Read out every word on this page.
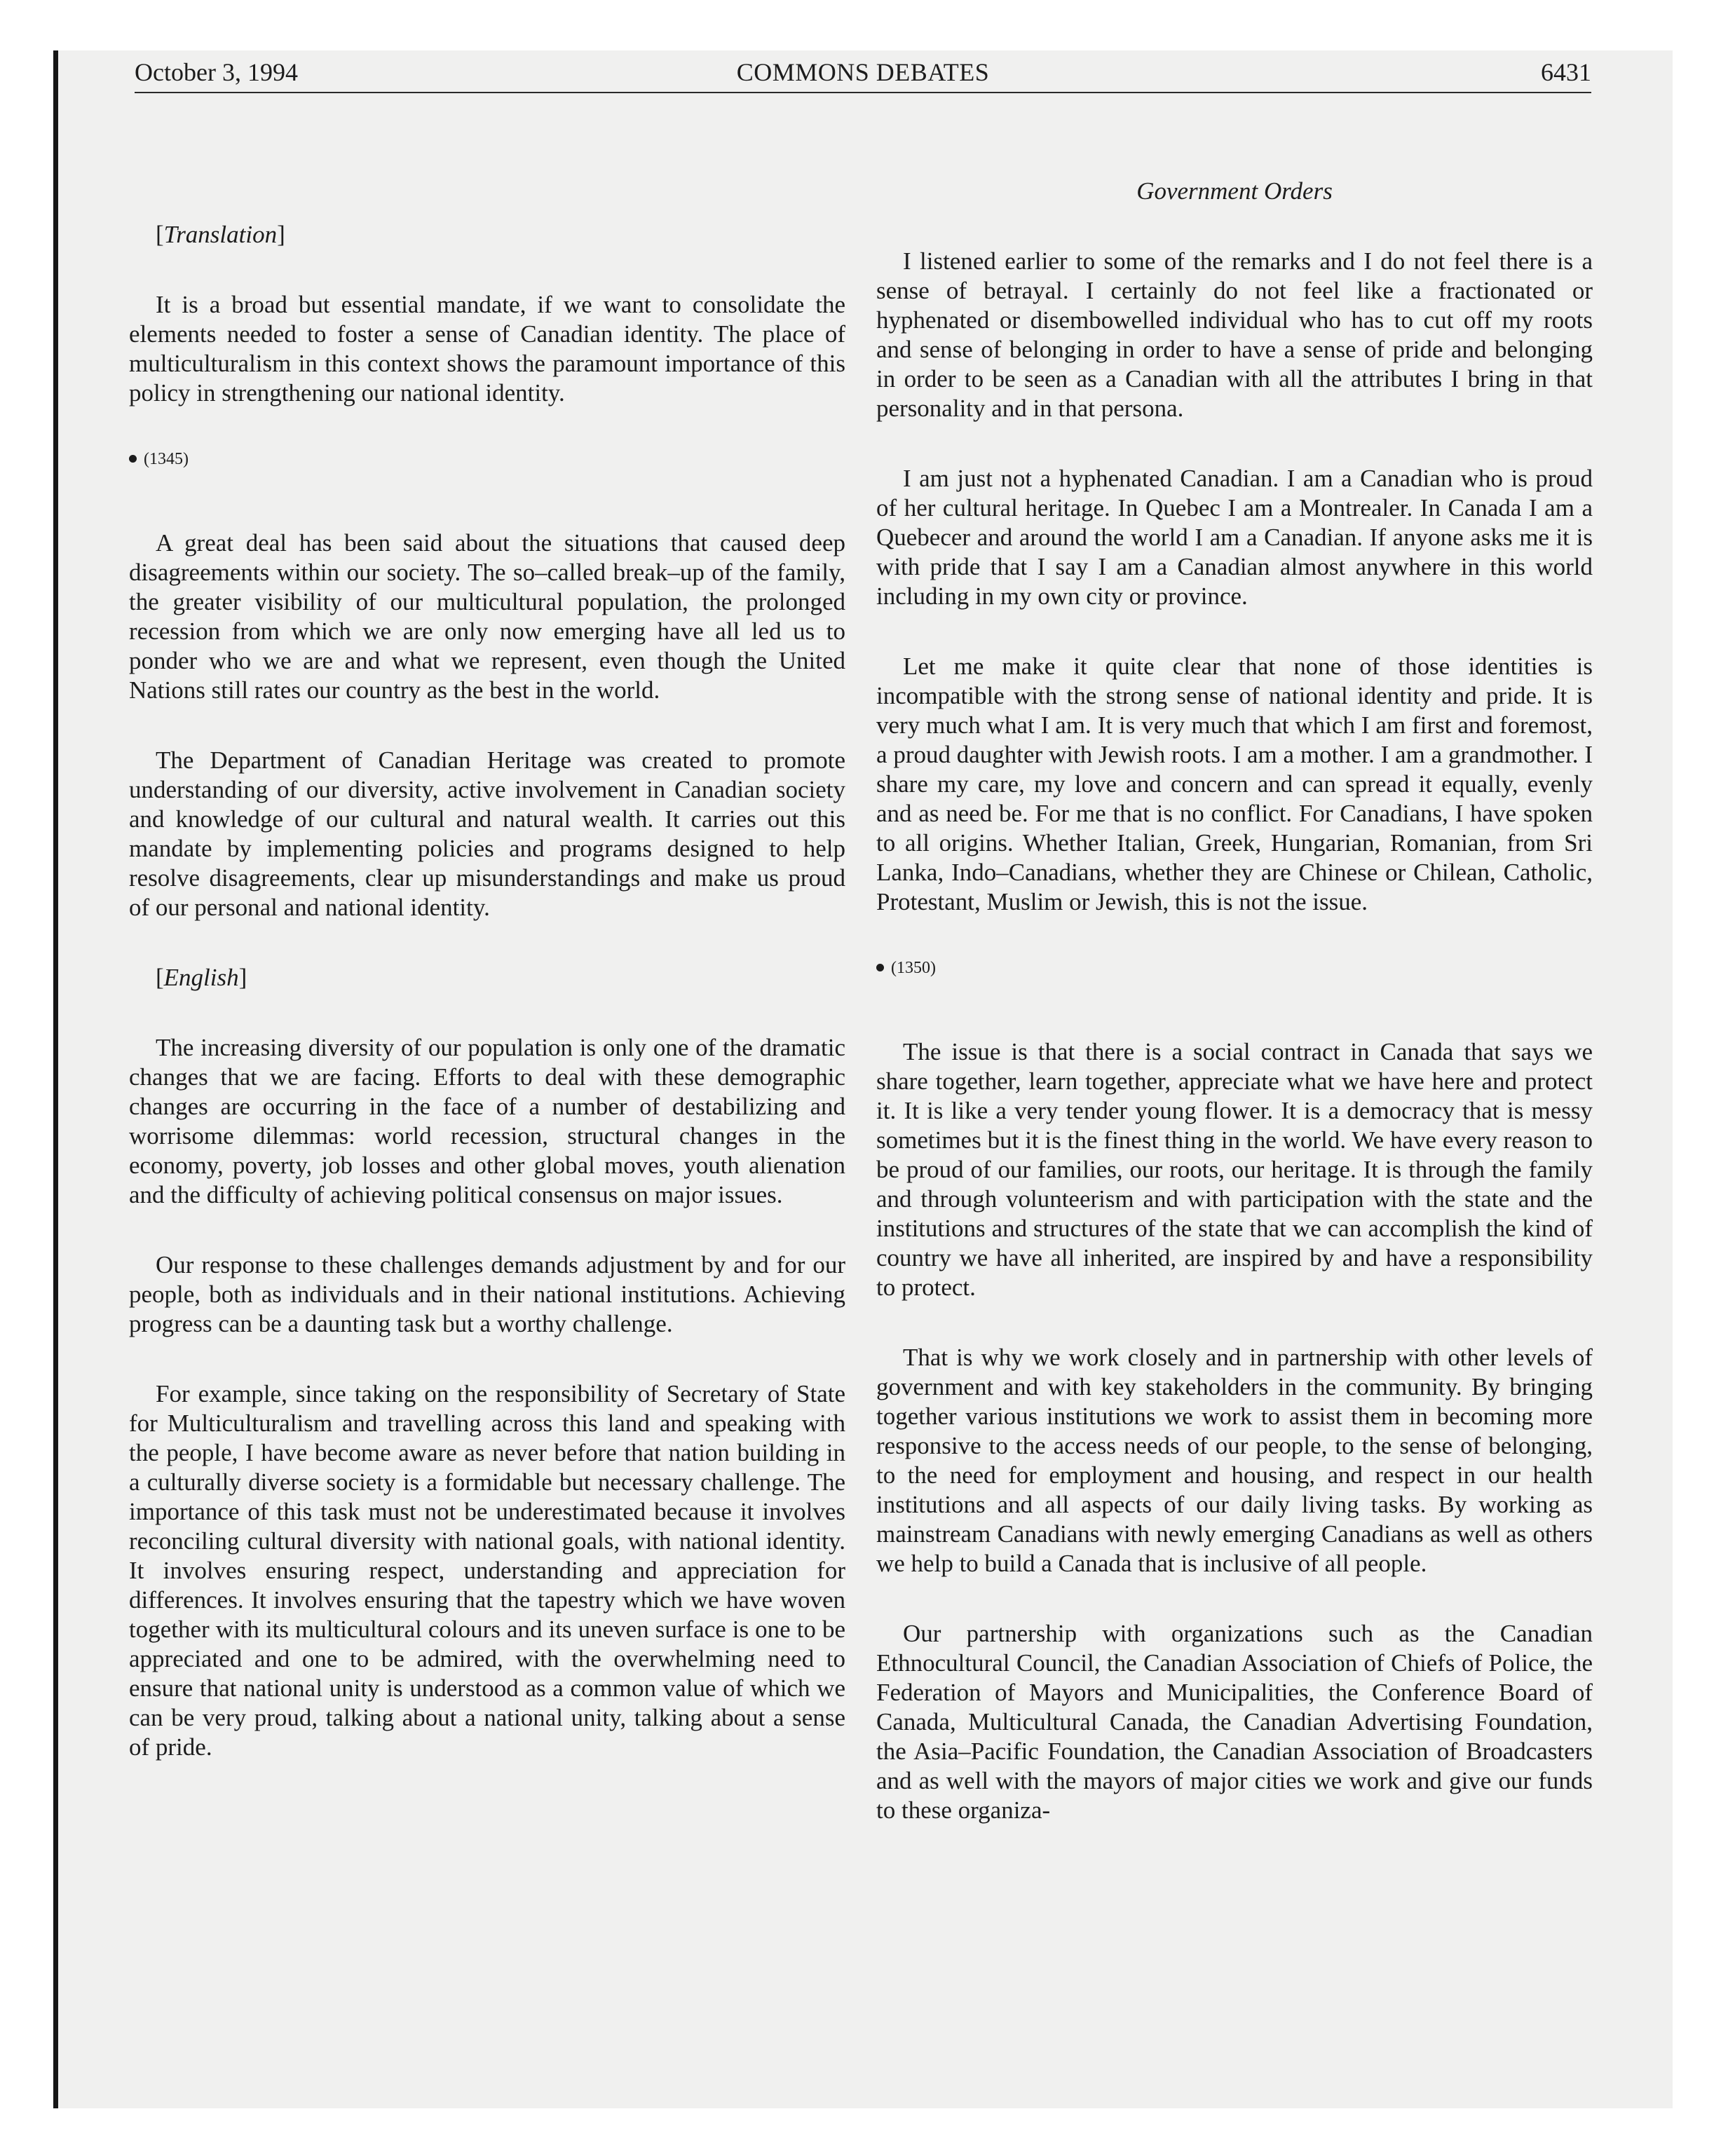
October 3, 1994	COMMONS DEBATES	6431

[Translation]

It is a broad but essential mandate, if we want to consolidate the elements needed to foster a sense of Canadian identity. The place of multiculturalism in this context shows the paramount importance of this policy in strengthening our national identity.

(1345)

A great deal has been said about the situations that caused deep disagreements within our society. The so–called break–up of the family, the greater visibility of our multicultural population, the prolonged recession from which we are only now emerging have all led us to ponder who we are and what we represent, even though the United Nations still rates our country as the best in the world.

The Department of Canadian Heritage was created to promote understanding of our diversity, active involvement in Canadian society and knowledge of our cultural and natural wealth. It carries out this mandate by implementing policies and programs designed to help resolve disagreements, clear up misunderstandings and make us proud of our personal and national identity.

[English]

The increasing diversity of our population is only one of the dramatic changes that we are facing. Efforts to deal with these demographic changes are occurring in the face of a number of destabilizing and worrisome dilemmas: world recession, structural changes in the economy, poverty, job losses and other global moves, youth alienation and the difficulty of achieving political consensus on major issues.

Our response to these challenges demands adjustment by and for our people, both as individuals and in their national institutions. Achieving progress can be a daunting task but a worthy challenge.

For example, since taking on the responsibility of Secretary of State for Multiculturalism and travelling across this land and speaking with the people, I have become aware as never before that nation building in a culturally diverse society is a formidable but necessary challenge. The importance of this task must not be underestimated because it involves reconciling cultural diversity with national goals, with national identity. It involves ensuring respect, understanding and appreciation for differences. It involves ensuring that the tapestry which we have woven together with its multicultural colours and its uneven surface is one to be appreciated and one to be admired, with the overwhelming need to ensure that national unity is understood as a common value of which we can be very proud, talking about a national unity, talking about a sense of pride.

Government Orders

I listened earlier to some of the remarks and I do not feel there is a sense of betrayal. I certainly do not feel like a fractionated or hyphenated or disembowelled individual who has to cut off my roots and sense of belonging in order to have a sense of pride and belonging in order to be seen as a Canadian with all the attributes I bring in that personality and in that persona.

I am just not a hyphenated Canadian. I am a Canadian who is proud of her cultural heritage. In Quebec I am a Montrealer. In Canada I am a Quebecer and around the world I am a Canadian. If anyone asks me it is with pride that I say I am a Canadian almost anywhere in this world including in my own city or province.

Let me make it quite clear that none of those identities is incompatible with the strong sense of national identity and pride. It is very much what I am. It is very much that which I am first and foremost, a proud daughter with Jewish roots. I am a mother. I am a grandmother. I share my care, my love and concern and can spread it equally, evenly and as need be. For me that is no conflict. For Canadians, I have spoken to all origins. Whether Italian, Greek, Hungarian, Romanian, from Sri Lanka, Indo–Canadians, whether they are Chinese or Chilean, Catholic, Protestant, Muslim or Jewish, this is not the issue.

(1350)

The issue is that there is a social contract in Canada that says we share together, learn together, appreciate what we have here and protect it. It is like a very tender young flower. It is a democracy that is messy sometimes but it is the finest thing in the world. We have every reason to be proud of our families, our roots, our heritage. It is through the family and through volunteerism and with participation with the state and the institutions and structures of the state that we can accomplish the kind of country we have all inherited, are inspired by and have a responsibility to protect.

That is why we work closely and in partnership with other levels of government and with key stakeholders in the community. By bringing together various institutions we work to assist them in becoming more responsive to the access needs of our people, to the sense of belonging, to the need for employment and housing, and respect in our health institutions and all aspects of our daily living tasks. By working as mainstream Canadians with newly emerging Canadians as well as others we help to build a Canada that is inclusive of all people.

Our partnership with organizations such as the Canadian Ethnocultural Council, the Canadian Association of Chiefs of Police, the Federation of Mayors and Municipalities, the Conference Board of Canada, Multicultural Canada, the Canadian Advertising Foundation, the Asia–Pacific Foundation, the Canadian Association of Broadcasters and as well with the mayors of major cities we work and give our funds to these organiza-
